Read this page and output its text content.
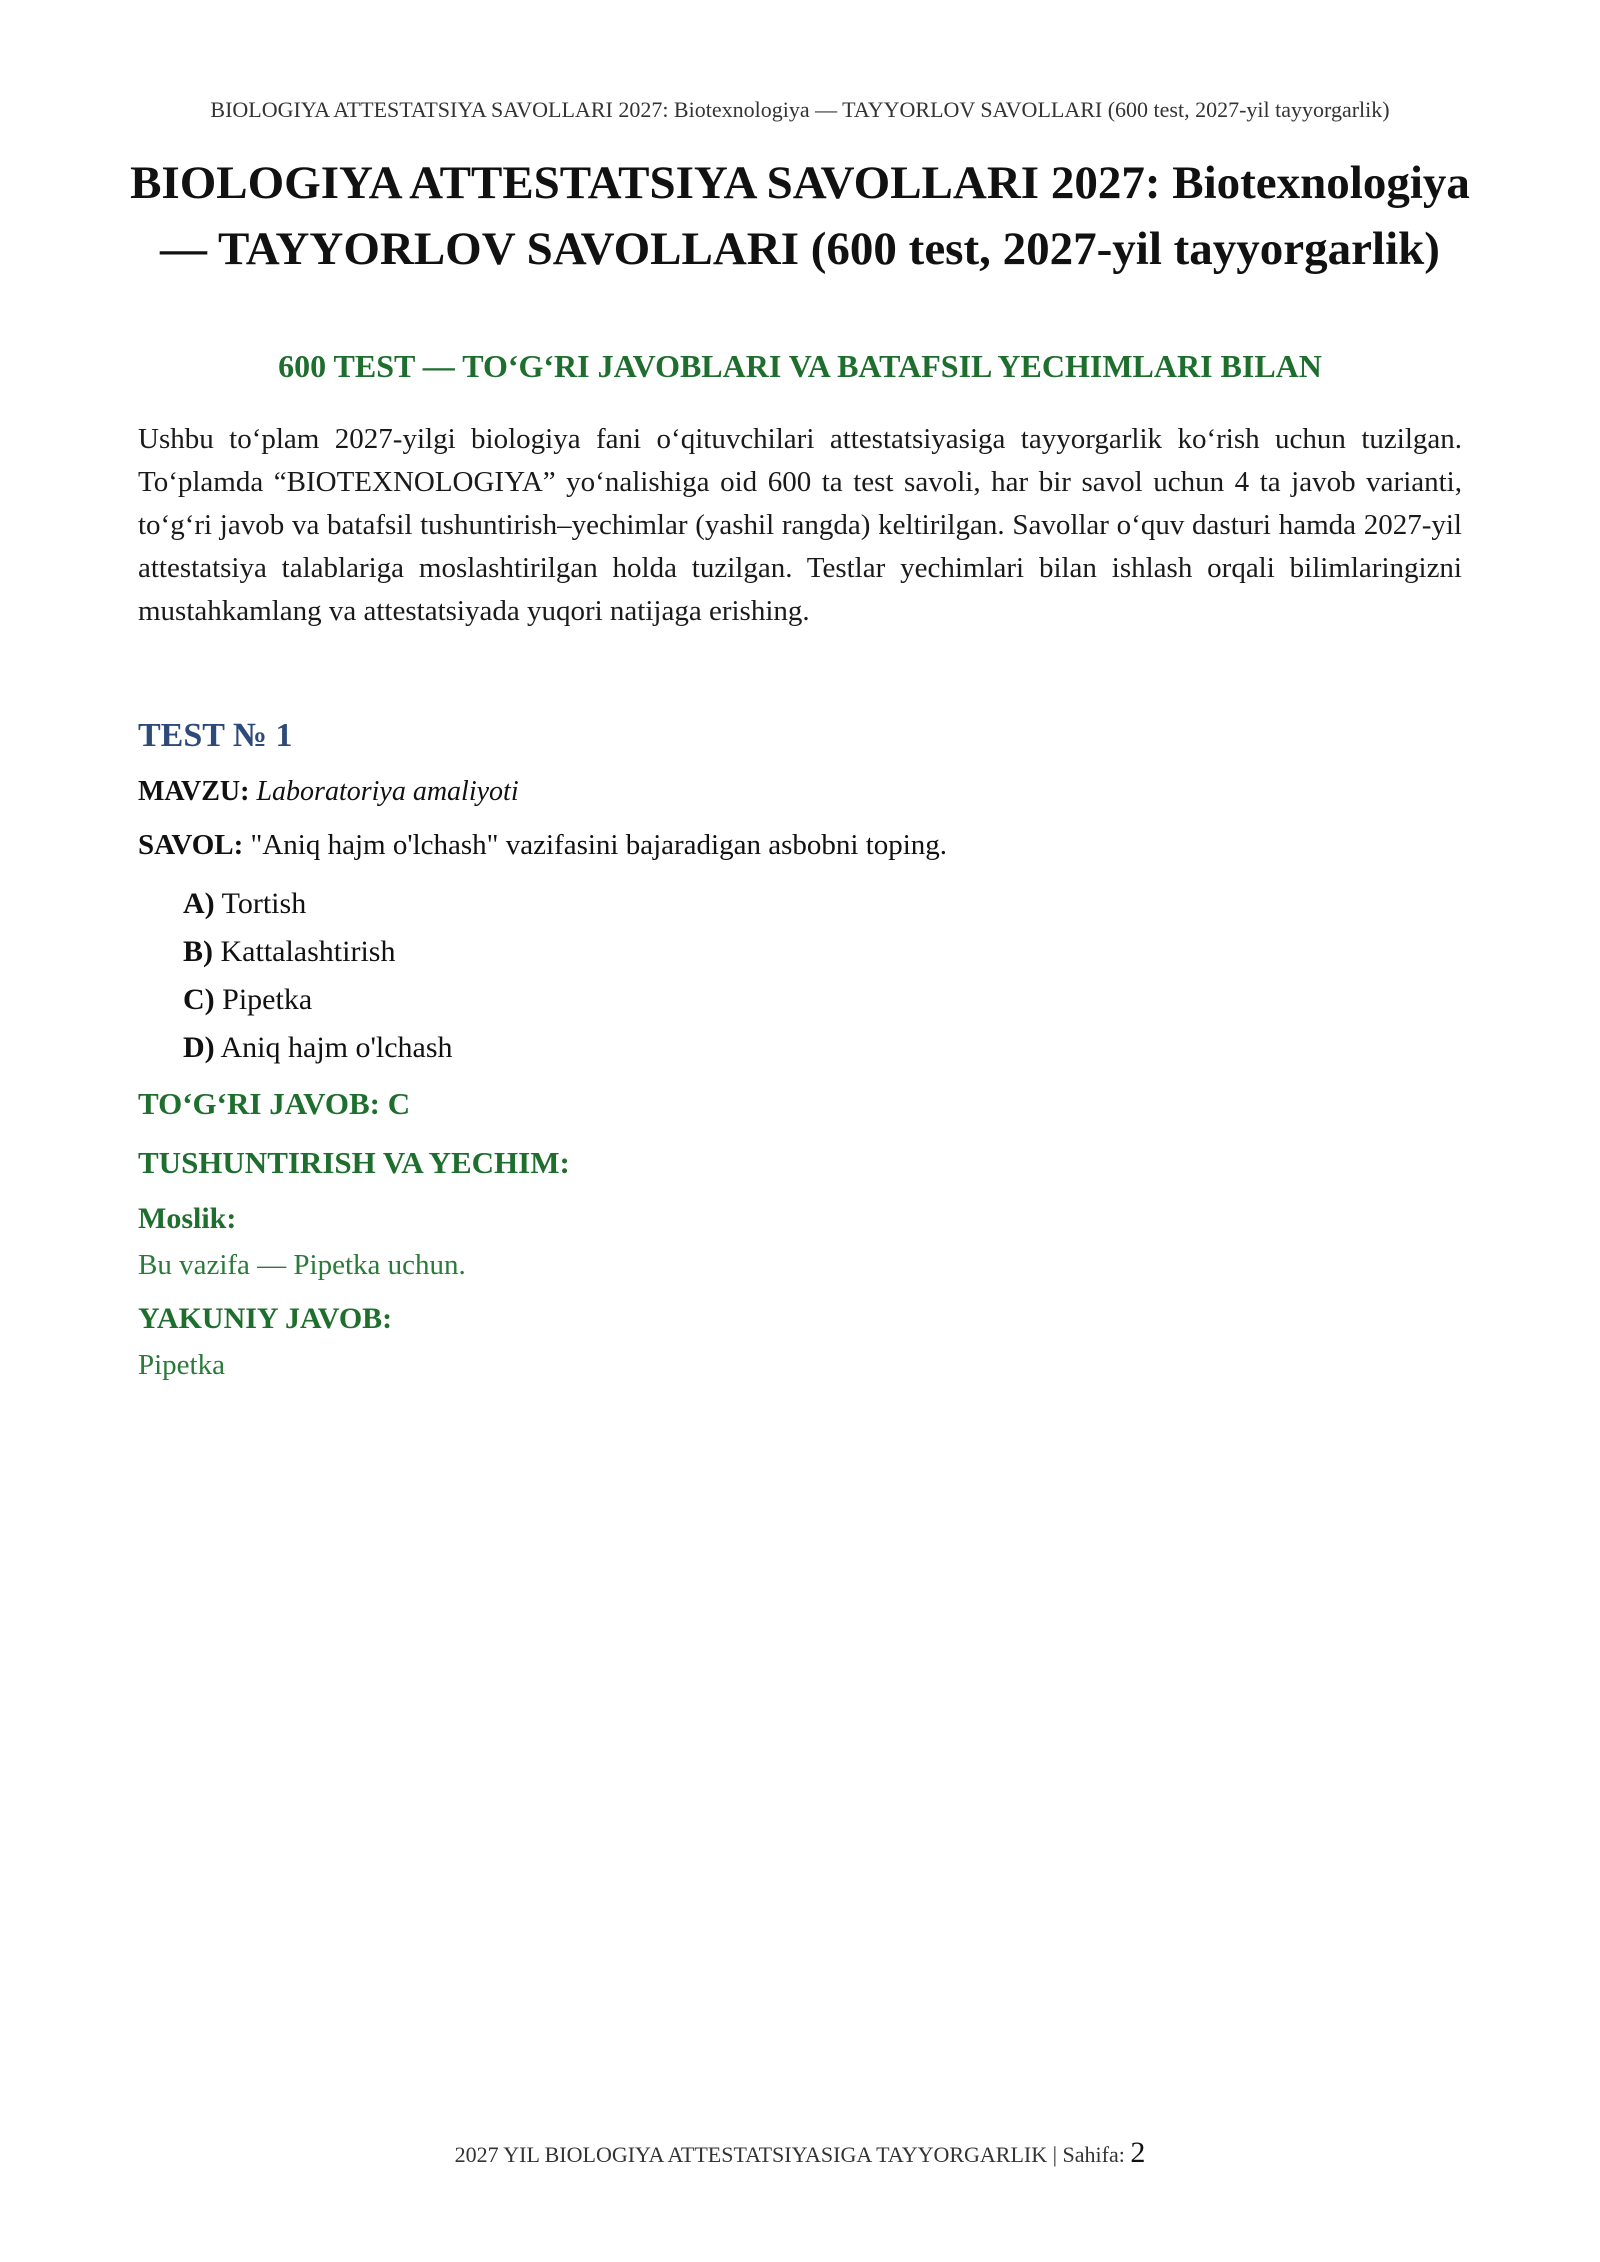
BIOLOGIYA ATTESTATSIYA SAVOLLARI 2027: Biotexnologiya — TAYYORLOV SAVOLLARI (600 test, 2027-yil tayyorgarlik)
BIOLOGIYA ATTESTATSIYA SAVOLLARI 2027: Biotexnologiya — TAYYORLOV SAVOLLARI (600 test, 2027-yil tayyorgarlik)
600 TEST — TO‘G‘RI JAVOBLARI VA BATAFSIL YECHIMLARI BILAN

Ushbu to‘plam 2027-yilgi biologiya fani o‘qituvchilari attestatsiyasiga tayyorgarlik ko‘rish uchun tuzilgan. To‘plamda “BIOTEXNOLOGIYA” yo‘nalishiga oid 600 ta test savoli, har bir savol uchun 4 ta javob varianti, to‘g‘ri javob va batafsil tushuntirish–yechimlar (yashil rangda) keltirilgan. Savollar o‘quv dasturi hamda 2027-yil attestatsiya talablariga moslashtirilgan holda tuzilgan. Testlar yechimlari bilan ishlash orqali bilimlaringizni mustahkamlang va attestatsiyada yuqori natijaga erishing.

TEST № 1
MAVZU: Laboratoriya amaliyoti
SAVOL: "Aniq hajm o'lchash" vazifasini bajaradigan asbobni toping.
A) Tortish
B) Kattalashtirish
C) Pipetka
D) Aniq hajm o'lchash
TO‘G‘RI JAVOB: C
TUSHUNTIRISH VA YECHIM:
Moslik:

Bu vazifa — Pipetka uchun.

YAKUNIY JAVOB:

Pipetka

2027 YIL BIOLOGIYA ATTESTATSIYASIGA TAYYORGARLIK | Sahifa: 2
